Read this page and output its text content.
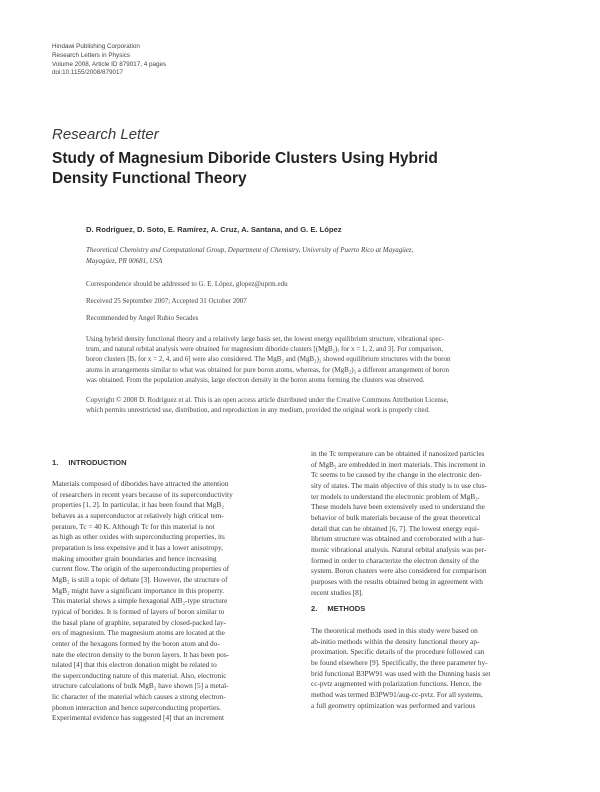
Hindawi Publishing Corporation
Research Letters in Physics
Volume 2008, Article ID 879017, 4 pages
doi:10.1155/2008/879017
Research Letter
Study of Magnesium Diboride Clusters Using Hybrid
Density Functional Theory
D. Rodríguez, D. Soto, E. Ramírez, A. Cruz, A. Santana, and G. E. López
Theoretical Chemistry and Computational Group, Department of Chemistry, University of Puerto Rico at Mayagüez,
Mayagüez, PR 00681, USA
Correspondence should be addressed to G. E. López, glopez@uprm.edu
Received 25 September 2007; Accepted 31 October 2007
Recommended by Angel Rubio Secades
Using hybrid density functional theory and a relatively large basis set, the lowest energy equilibrium structure, vibrational spec-
trum, and natural orbital analysis were obtained for magnesium diboride clusters [(MgB₂)ₓ for x = 1, 2, and 3]. For comparison,
boron clusters [Bₓ for x = 2, 4, and 6] were also considered. The MgB₂ and (MgB₂)₂ showed equilibrium structures with the boron
atoms in arrangements similar to what was obtained for pure boron atoms, whereas, for (MgB₂)₃ a different arrangement of boron
was obtained. From the population analysis, large electron density in the boron atoms forming the clusters was observed.
Copyright © 2008 D. Rodríguez et al. This is an open access article distributed under the Creative Commons Attribution License,
which permits unrestricted use, distribution, and reproduction in any medium, provided the original work is properly cited.
1. INTRODUCTION
Materials composed of diborides have attracted the attention
of researchers in recent years because of its superconductivity
properties [1, 2]. In particular, it has been found that MgB₂
behaves as a superconductor at relatively high critical tem-
perature, Tc = 40 K. Although Tc for this material is not
as high as other oxides with superconducting properties, its
preparation is less expensive and it has a lower anisotropy,
making smoother grain boundaries and hence increasing
current flow. The origin of the superconducting properties of
MgB₂ is still a topic of debate [3]. However, the structure of
MgB₂ might have a significant importance in this property.
This material shows a simple hexagonal AlB₂-type structure
typical of borides. It is formed of layers of boron similar to
the basal plane of graphite, separated by closed-packed lay-
ers of magnesium. The magnesium atoms are located at the
center of the hexagons formed by the boron atom and do-
nate the electron density to the boron layers. It has been pos-
tulated [4] that this electron donation might be related to
the superconducting nature of this material. Also, electronic
structure calculations of bulk MgB₂ have shown [5] a metal-
lic character of the material which causes a strong electron-
phonon interaction and hence superconducting properties.
Experimental evidence has suggested [4] that an increment
in the Tc temperature can be obtained if nanosized particles
of MgB₂ are embedded in inert materials. This increment in
Tc seems to be caused by the change in the electronic den-
sity of states. The main objective of this study is to use clus-
ter models to understand the electronic problem of MgB₂.
These models have been extensively used to understand the
behavior of bulk materials because of the great theoretical
detail that can be obtained [6, 7]. The lowest energy equi-
librium structure was obtained and corroborated with a har-
monic vibrational analysis. Natural orbital analysis was per-
formed in order to characterize the electron density of the
system. Boron clusters were also considered for comparison
purposes with the results obtained being in agreement with
recent studies [8].
2. METHODS
The theoretical methods used in this study were based on
ab-initio methods within the density functional theory ap-
proximation. Specific details of the procedure followed can
be found elsewhere [9]. Specifically, the three parameter hy-
brid functional B3PW91 was used with the Dunning basis set
cc-pvtz augmented with polarization functions. Hence, the
method was termed B3PW91/aug-cc-pvtz. For all systems,
a full geometry optimization was performed and various
